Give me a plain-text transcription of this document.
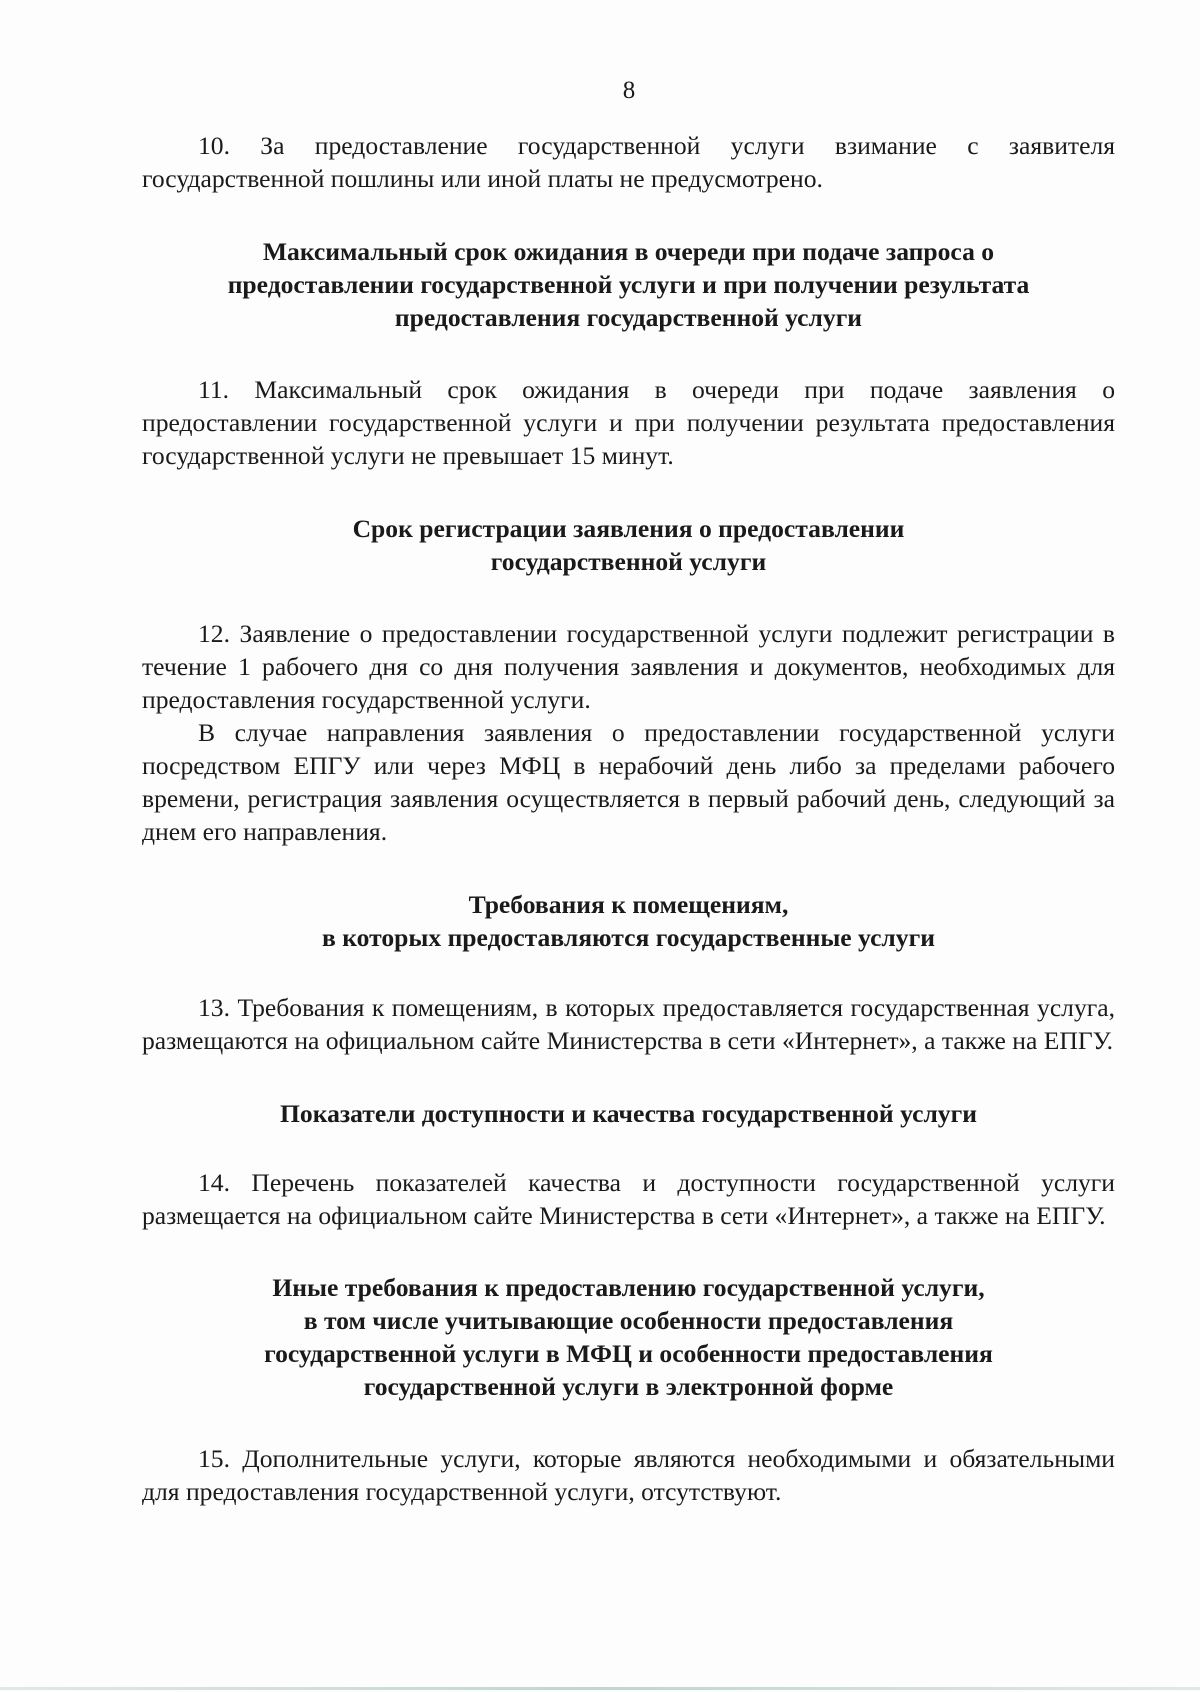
8

10. За предоставление государственной услуги взимание с заявителя государственной пошлины или иной платы не предусмотрено.

Максимальный срок ожидания в очереди при подаче запроса о
предоставлении государственной услуги и при получении результата
предоставления государственной услуги

11. Максимальный срок ожидания в очереди при подаче заявления о предоставлении государственной услуги и при получении результата предоставления государственной услуги не превышает 15 минут.

Срок регистрации заявления о предоставлении
государственной услуги

12. Заявление о предоставлении государственной услуги подлежит регистрации в течение 1 рабочего дня со дня получения заявления и документов, необходимых для предоставления государственной услуги.

В случае направления заявления о предоставлении государственной услуги посредством ЕПГУ или через МФЦ в нерабочий день либо за пределами рабочего времени, регистрация заявления осуществляется в первый рабочий день, следующий за днем его направления.

Требования к помещениям,
в которых предоставляются государственные услуги

13. Требования к помещениям, в которых предоставляется государственная услуга, размещаются на официальном сайте Министерства в сети «Интернет», а также на ЕПГУ.

Показатели доступности и качества государственной услуги

14. Перечень показателей качества и доступности государственной услуги размещается на официальном сайте Министерства в сети «Интернет», а также на ЕПГУ.

Иные требования к предоставлению государственной услуги,
в том числе учитывающие особенности предоставления
государственной услуги в МФЦ и особенности предоставления
государственной услуги в электронной форме

15. Дополнительные услуги, которые являются необходимыми и обязательными для предоставления государственной услуги, отсутствуют.
